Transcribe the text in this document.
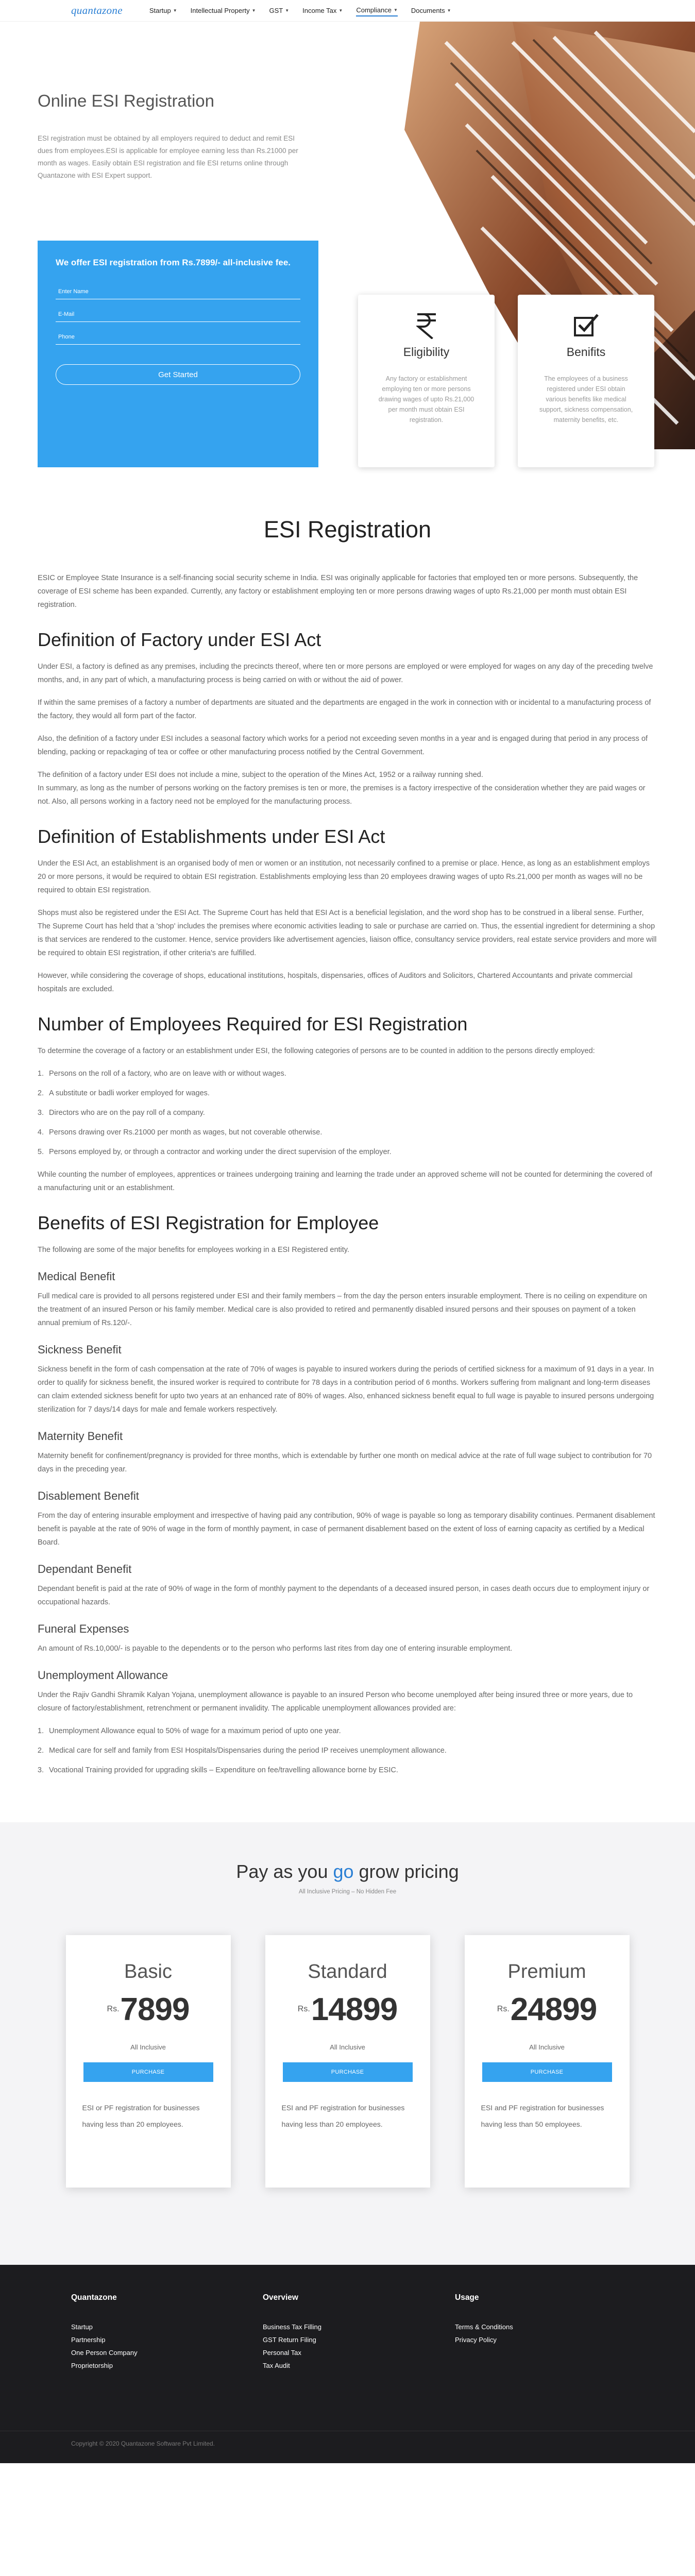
quantazone	Startup ▼ Intellectual Property ▼ GST ▼ Income Tax ▼ Compliance ▼ Documents ▼
Online ESI Registration

ESI registration must be obtained by all employers required to deduct and remit ESI dues from employees.ESI is applicable for employee earning less than Rs.21000 per month as wages. Easily obtain ESI registration and file ESI returns online through Quantazone with ESI Expert support.

We offer ESI registration from Rs.7899/- all-inclusive fee.
Enter Name
E-Mail
Phone
Get Started
Eligibility
Any factory or establishment employing ten or more persons drawing wages of upto Rs.21,000 per month must obtain ESI registration.
Benifits
The employees of a business registered under ESI obtain various benefits like medical support, sickness compensation, maternity benefits, etc.
ESI Registration

ESIC or Employee State Insurance is a self-financing social security scheme in India. ESI was originally applicable for factories that employed ten or more persons. Subsequently, the coverage of ESI scheme has been expanded. Currently, any factory or establishment employing ten or more persons drawing wages of upto Rs.21,000 per month must obtain ESI registration.

Definition of Factory under ESI Act

Under ESI, a factory is defined as any premises, including the precincts thereof, where ten or more persons are employed or were employed for wages on any day of the preceding twelve months, and, in any part of which, a manufacturing process is being carried on with or without the aid of power.

If within the same premises of a factory a number of departments are situated and the departments are engaged in the work in connection with or incidental to a manufacturing process of the factory, they would all form part of the factor.

Also, the definition of a factory under ESI includes a seasonal factory which works for a period not exceeding seven months in a year and is engaged during that period in any process of blending, packing or repackaging of tea or coffee or other manufacturing process notified by the Central Government.

The definition of a factory under ESI does not include a mine, subject to the operation of the Mines Act, 1952 or a railway running shed.

In summary, as long as the number of persons working on the factory premises is ten or more, the premises is a factory irrespective of the consideration whether they are paid wages or not. Also, all persons working in a factory need not be employed for the manufacturing process.

Definition of Establishments under ESI Act

Under the ESI Act, an establishment is an organised body of men or women or an institution, not necessarily confined to a premise or place. Hence, as long as an establishment employs 20 or more persons, it would be required to obtain ESI registration. Establishments employing less than 20 employees drawing wages of upto Rs.21,000 per month as wages will no be required to obtain ESI registration.

Shops must also be registered under the ESI Act. The Supreme Court has held that ESI Act is a beneficial legislation, and the word shop has to be construed in a liberal sense. Further, The Supreme Court has held that a 'shop' includes the premises where economic activities leading to sale or purchase are carried on. Thus, the essential ingredient for determining a shop is that services are rendered to the customer. Hence, service providers like advertisement agencies, liaison office, consultancy service providers, real estate service providers and more will be required to obtain ESI registration, if other criteria's are fulfilled.

However, while considering the coverage of shops, educational institutions, hospitals, dispensaries, offices of Auditors and Solicitors, Chartered Accountants and private commercial hospitals are excluded.

Number of Employees Required for ESI Registration

To determine the coverage of a factory or an establishment under ESI, the following categories of persons are to be counted in addition to the persons directly employed:

1. Persons on the roll of a factory, who are on leave with or without wages.
2. A substitute or badli worker employed for wages.
3. Directors who are on the pay roll of a company.
4. Persons drawing over Rs.21000 per month as wages, but not coverable otherwise.
5. Persons employed by, or through a contractor and working under the direct supervision of the employer.

While counting the number of employees, apprentices or trainees undergoing training and learning the trade under an approved scheme will not be counted for determining the covered of a manufacturing unit or an establishment.

Benefits of ESI Registration for Employee

The following are some of the major benefits for employees working in a ESI Registered entity.

Medical Benefit

Full medical care is provided to all persons registered under ESI and their family members – from the day the person enters insurable employment. There is no ceiling on expenditure on the treatment of an insured Person or his family member. Medical care is also provided to retired and permanently disabled insured persons and their spouses on payment of a token annual premium of Rs.120/-.

Sickness Benefit

Sickness benefit in the form of cash compensation at the rate of 70% of wages is payable to insured workers during the periods of certified sickness for a maximum of 91 days in a year. In order to qualify for sickness benefit, the insured worker is required to contribute for 78 days in a contribution period of 6 months. Workers suffering from malignant and long-term diseases can claim extended sickness benefit for upto two years at an enhanced rate of 80% of wages. Also, enhanced sickness benefit equal to full wage is payable to insured persons undergoing sterilization for 7 days/14 days for male and female workers respectively.

Maternity Benefit

Maternity benefit for confinement/pregnancy is provided for three months, which is extendable by further one month on medical advice at the rate of full wage subject to contribution for 70 days in the preceding year.

Disablement Benefit

From the day of entering insurable employment and irrespective of having paid any contribution, 90% of wage is payable so long as temporary disability continues. Permanent disablement benefit is payable at the rate of 90% of wage in the form of monthly payment, in case of permanent disablement based on the extent of loss of earning capacity as certified by a Medical Board.

Dependant Benefit

Dependant benefit is paid at the rate of 90% of wage in the form of monthly payment to the dependants of a deceased insured person, in cases death occurs due to employment injury or occupational hazards.

Funeral Expenses

An amount of Rs.10,000/- is payable to the dependents or to the person who performs last rites from day one of entering insurable employment.

Unemployment Allowance

Under the Rajiv Gandhi Shramik Kalyan Yojana, unemployment allowance is payable to an insured Person who become unemployed after being insured three or more years, due to closure of factory/establishment, retrenchment or permanent invalidity. The applicable unemployment allowances provided are:

1. Unemployment Allowance equal to 50% of wage for a maximum period of upto one year.
2. Medical care for self and family from ESI Hospitals/Dispensaries during the period IP receives unemployment allowance.
3. Vocational Training provided for upgrading skills – Expenditure on fee/travelling allowance borne by ESIC.
Pay as you go grow pricing
All Inclusive Pricing – No Hidden Fee
Basic
Rs. 7899
All Inclusive
PURCHASE
ESI or PF registration for businesses having less than 20 employees.
Standard
Rs. 14899
All Inclusive
PURCHASE
ESI and PF registration for businesses having less than 20 employees.
Premium
Rs. 24899
All Inclusive
PURCHASE
ESI and PF registration for businesses having less than 50 employees.
Quantazone
Startup
Partnership
One Person Company
Proprietorship
Overview
Business Tax Filling
GST Return Filing
Personal Tax
Tax Audit
Usage
Terms & Conditions
Privacy Policy
Copyright © 2020 Quantazone Software Pvt Limited.
